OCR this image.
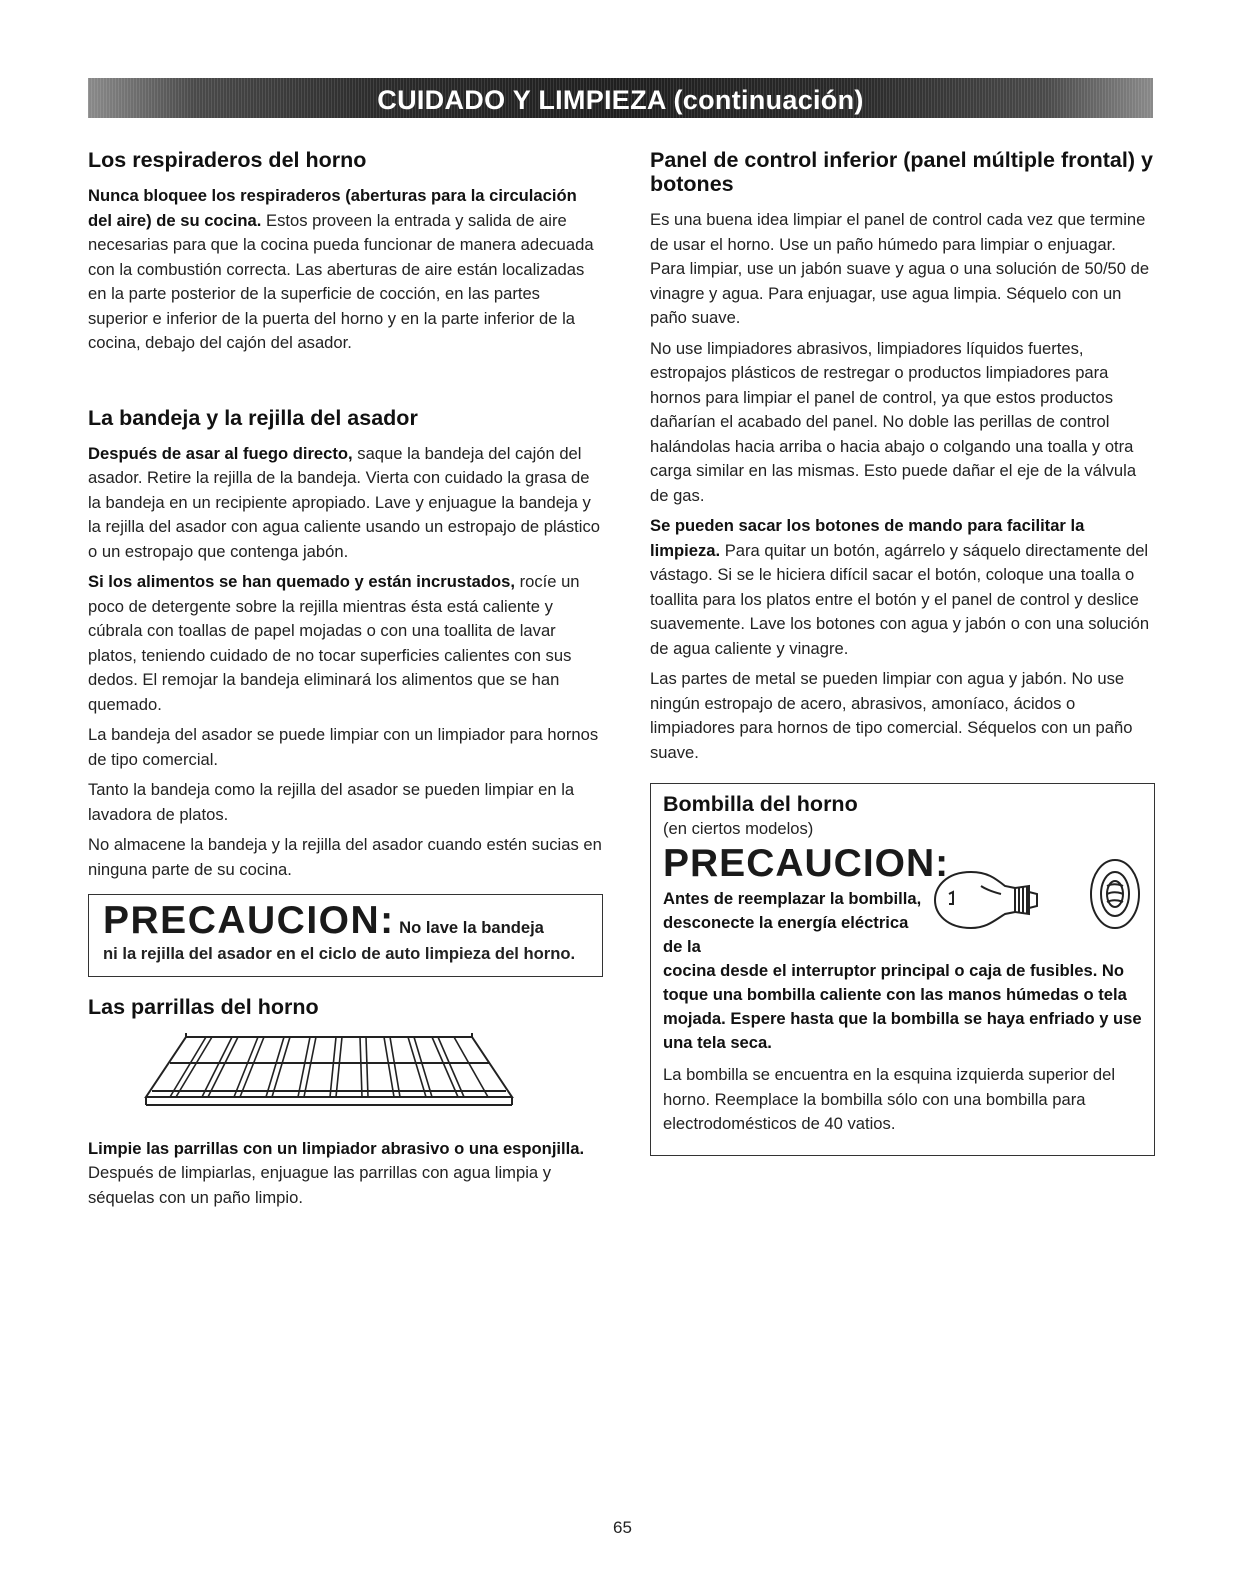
CUIDADO Y LIMPIEZA (continuación)
Los respiraderos del horno

Nunca bloquee los respiraderos (aberturas para la circulación del aire) de su cocina. Estos proveen la entrada y salida de aire necesarias para que la cocina pueda funcionar de manera adecuada con la combustión correcta. Las aberturas de aire están localizadas en la parte posterior de la superficie de cocción, en las partes superior e inferior de la puerta del horno y en la parte inferior de la cocina, debajo del cajón del asador.

La bandeja y la rejilla del asador

Después de asar al fuego directo, saque la bandeja del cajón del asador. Retire la rejilla de la bandeja. Vierta con cuidado la grasa de la bandeja en un recipiente apropiado. Lave y enjuague la bandeja y la rejilla del asador con agua caliente usando un estropajo de plástico o un estropajo que contenga jabón.

Si los alimentos se han quemado y están incrustados, rocíe un poco de detergente sobre la rejilla mientras ésta está caliente y cúbrala con toallas de papel mojadas o con una toallita de lavar platos, teniendo cuidado de no tocar superficies calientes con sus dedos. El remojar la bandeja eliminará los alimentos que se han quemado.

La bandeja del asador se puede limpiar con un limpiador para hornos de tipo comercial.

Tanto la bandeja como la rejilla del asador se pueden limpiar en la lavadora de platos.

No almacene la bandeja y la rejilla del asador cuando estén sucias en ninguna parte de su cocina.

PRECAUCION: No lave la bandeja

ni la rejilla del asador en el ciclo de auto limpieza del horno.

Las parrillas del horno

Limpie las parrillas con un limpiador abrasivo o una esponjilla. Después de limpiarlas, enjuague las parrillas con agua limpia y séquelas con un paño limpio.

Panel de control inferior (panel múltiple frontal) y botones

Es una buena idea limpiar el panel de control cada vez que termine de usar el horno. Use un paño húmedo para limpiar o enjuagar. Para limpiar, use un jabón suave y agua o una solución de 50/50 de vinagre y agua. Para enjuagar, use agua limpia. Séquelo con un paño suave.

No use limpiadores abrasivos, limpiadores líquidos fuertes, estropajos plásticos de restregar o productos limpiadores para hornos para limpiar el panel de control, ya que estos productos dañarían el acabado del panel. No doble las perillas de control halándolas hacia arriba o hacia abajo o colgando una toalla y otra carga similar en las mismas. Esto puede dañar el eje de la válvula de gas.

Se pueden sacar los botones de mando para facilitar la limpieza. Para quitar un botón, agárrelo y sáquelo directamente del vástago. Si se le hiciera difícil sacar el botón, coloque una toalla o toallita para los platos entre el botón y el panel de control y deslice suavemente. Lave los botones con agua y jabón o con una solución de agua caliente y vinagre.

Las partes de metal se pueden limpiar con agua y jabón. No use ningún estropajo de acero, abrasivos, amoníaco, ácidos o limpiadores para hornos de tipo comercial. Séquelos con un paño suave.

Bombilla del horno

(en ciertos modelos)

PRECAUCION:

Antes de reemplazar la bombilla, desconecte la energía eléctrica de la

cocina desde el interruptor principal o caja de fusibles. No toque una bombilla caliente con las manos húmedas o tela mojada. Espere hasta que la bombilla se haya enfriado y use una tela seca.

La bombilla se encuentra en la esquina izquierda superior del horno. Reemplace la bombilla sólo con una bombilla para electrodomésticos de 40 vatios.

65
